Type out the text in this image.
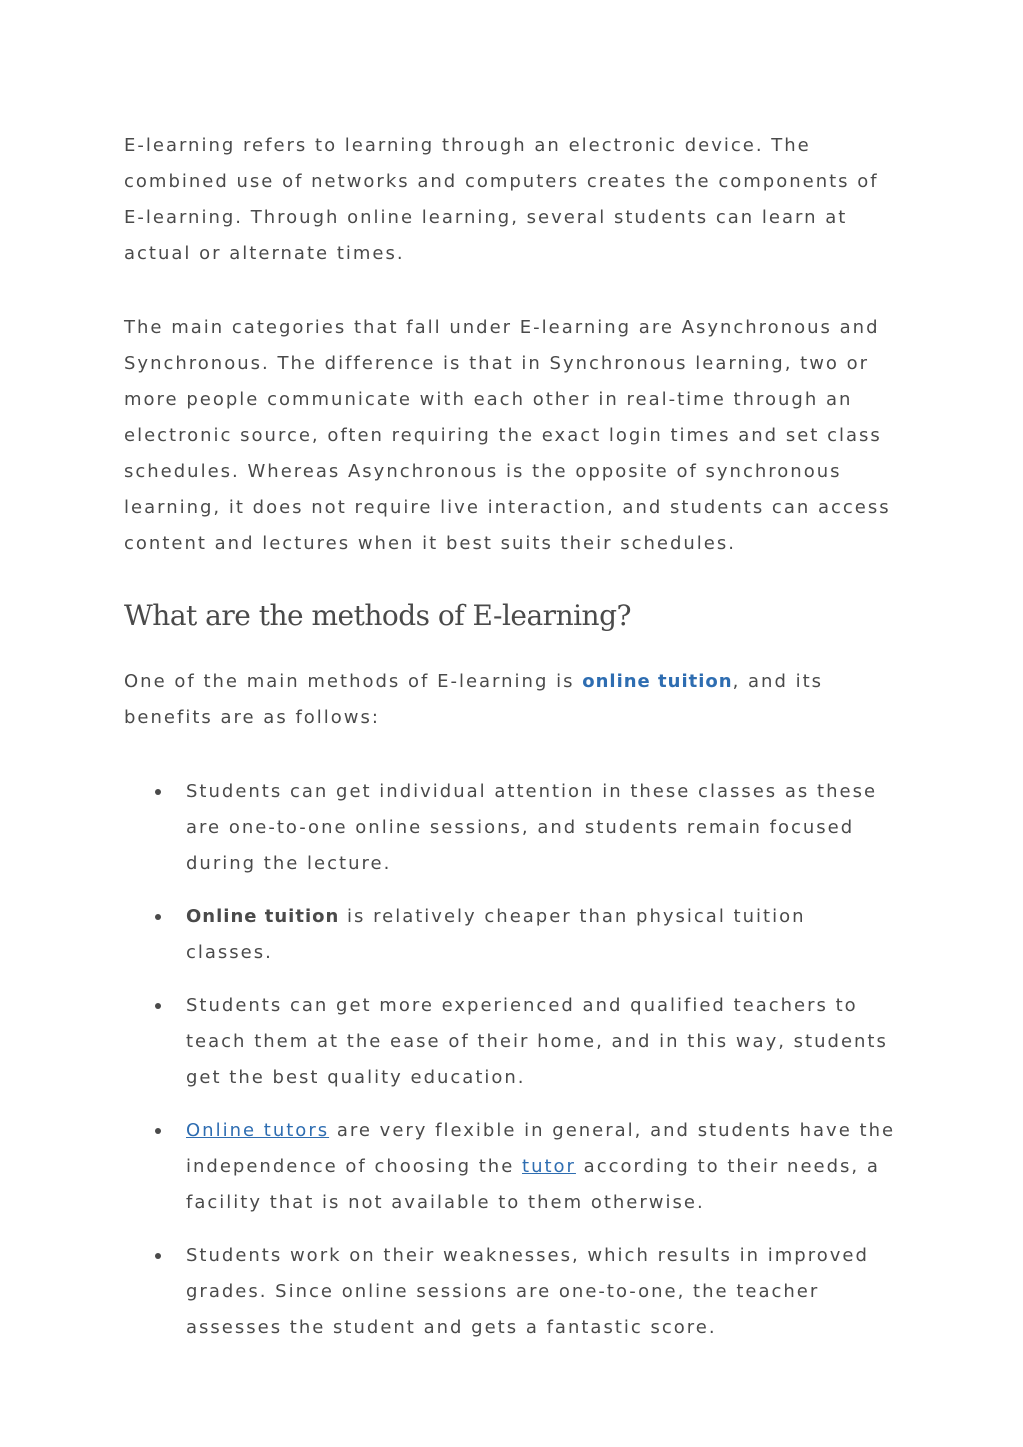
E-learning refers to learning through an electronic device. The combined use of networks and computers creates the components of E-learning. Through online learning, several students can learn at actual or alternate times.

The main categories that fall under E-learning are Asynchronous and Synchronous. The difference is that in Synchronous learning, two or more people communicate with each other in real-time through an electronic source, often requiring the exact login times and set class schedules. Whereas Asynchronous is the opposite of synchronous learning, it does not require live interaction, and students can access content and lectures when it best suits their schedules.

What are the methods of E-learning?

One of the main methods of E-learning is online tuition, and its benefits are as follows:

Students can get individual attention in these classes as these are one-to-one online sessions, and students remain focused during the lecture.
Online tuition is relatively cheaper than physical tuition classes.
Students can get more experienced and qualified teachers to teach them at the ease of their home, and in this way, students get the best quality education.
Online tutors are very flexible in general, and students have the independence of choosing the tutor according to their needs, a facility that is not available to them otherwise.
Students work on their weaknesses, which results in improved grades. Since online sessions are one-to-one, the teacher assesses the student and gets a fantastic score.
